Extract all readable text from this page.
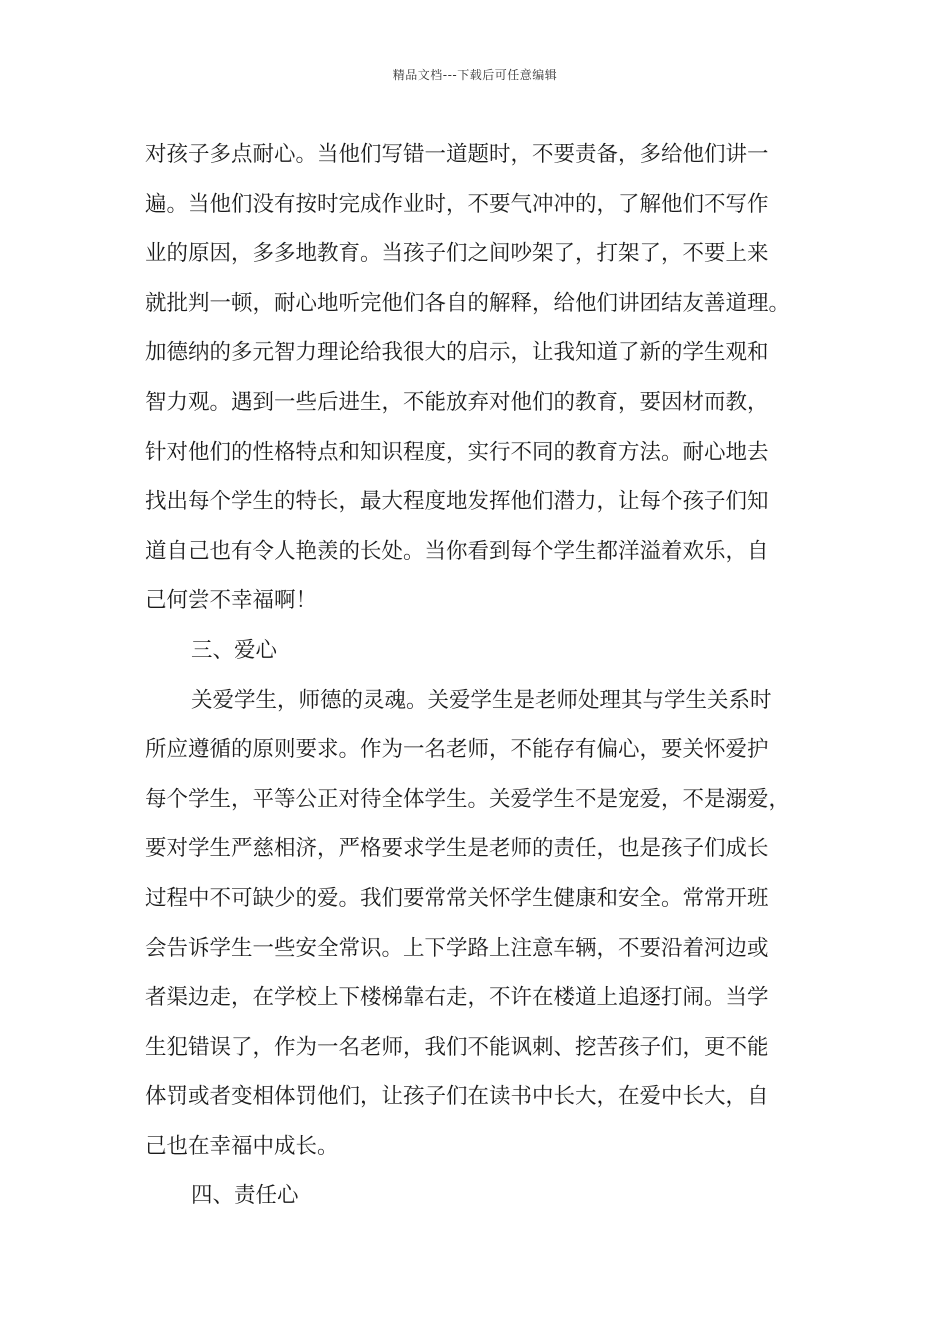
精品文档---下载后可任意编辑
对孩子多点耐心。当他们写错一道题时，不要责备，多给他们讲一
遍。当他们没有按时完成作业时，不要气冲冲的，了解他们不写作
业的原因，多多地教育。当孩子们之间吵架了，打架了，不要上来
就批判一顿，耐心地听完他们各自的解释，给他们讲团结友善道理。
加德纳的多元智力理论给我很大的启示，让我知道了新的学生观和
智力观。遇到一些后进生，不能放弃对他们的教育，要因材而教，
针对他们的性格特点和知识程度，实行不同的教育方法。耐心地去
找出每个学生的特长，最大程度地发挥他们潜力，让每个孩子们知
道自己也有令人艳羡的长处。当你看到每个学生都洋溢着欢乐，自
己何尝不幸福啊！
三、爱心
关爱学生，师德的灵魂。关爱学生是老师处理其与学生关系时
所应遵循的原则要求。作为一名老师，不能存有偏心，要关怀爱护
每个学生，平等公正对待全体学生。关爱学生不是宠爱，不是溺爱，
要对学生严慈相济，严格要求学生是老师的责任，也是孩子们成长
过程中不可缺少的爱。我们要常常关怀学生健康和安全。常常开班
会告诉学生一些安全常识。上下学路上注意车辆，不要沿着河边或
者渠边走，在学校上下楼梯靠右走，不许在楼道上追逐打闹。当学
生犯错误了，作为一名老师，我们不能讽刺、挖苦孩子们，更不能
体罚或者变相体罚他们，让孩子们在读书中长大，在爱中长大，自
己也在幸福中成长。
四、责任心
